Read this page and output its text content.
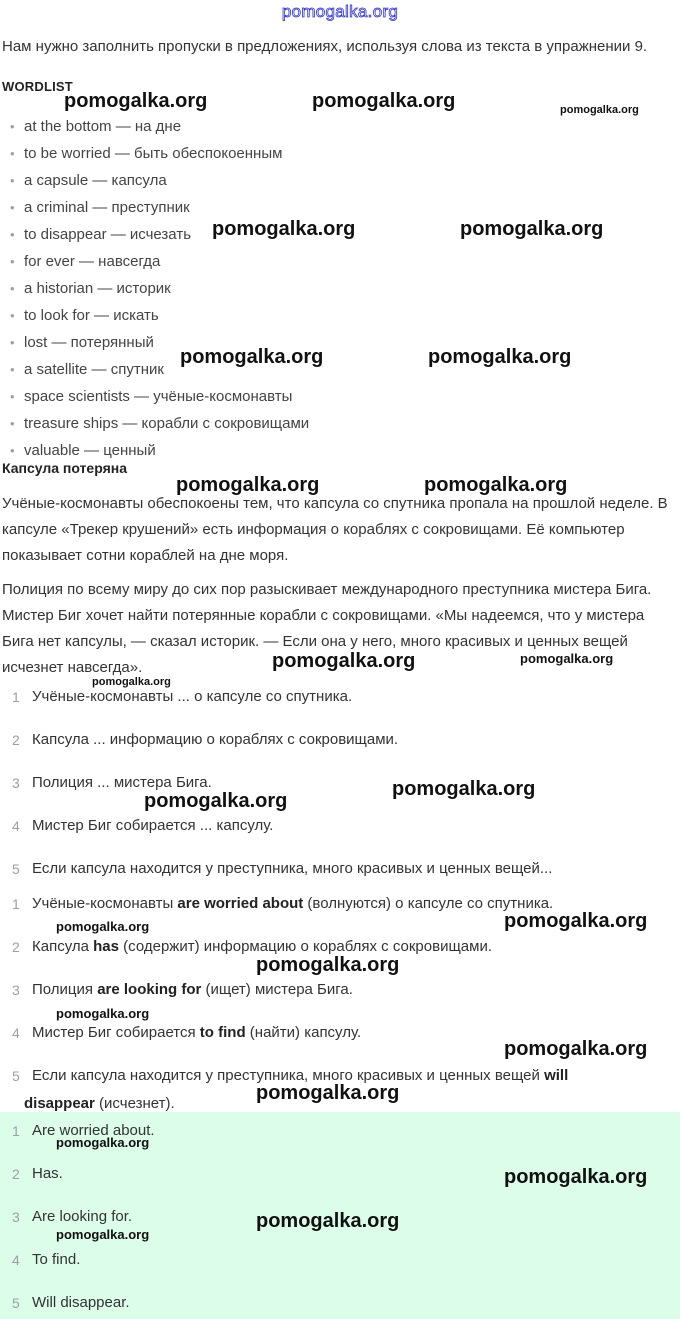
pomogalka.org
Нам нужно заполнить пропуски в предложениях, используя слова из текста в упражнении 9.
WORDLIST
• at the bottom — на дне
• to be worried — быть обеспокоенным
• a capsule — капсула
• a criminal — преступник
• to disappear — исчезать
• for ever — навсегда
• a historian — историк
• to look for — искать
• lost — потерянный
• a satellite — спутник
• space scientists — учёные-космонавты
• treasure ships — корабли с сокровищами
• valuable — ценный
Капсула потеряна

Учёные-космонавты обеспокоены тем, что капсула со спутника пропала на прошлой неделе. В капсуле «Трекер крушений» есть информация о кораблях с сокровищами. Её компьютер показывает сотни кораблей на дне моря.

Полиция по всему миру до сих пор разыскивает международного преступника мистера Бига. Мистер Биг хочет найти потерянные корабли с сокровищами. «Мы надеемся, что у мистера Бига нет капсулы, — сказал историк. — Если она у него, много красивых и ценных вещей исчезнет навсегда».

1 Учёные-космонавты ... о капсуле со спутника.
2 Капсула ... информацию о кораблях с сокровищами.
3 Полиция ... мистера Бига.
4 Мистер Биг собирается ... капсулу.
5 Если капсула находится у преступника, много красивых и ценных вещей...
1 Учёные-космонавты are worried about (волнуются) о капсуле со спутника.
2 Капсула has (содержит) информацию о кораблях с сокровищами.
3 Полиция are looking for (ищет) мистера Бига.
4 Мистер Биг собирается to find (найти) капсулу.
5 Если капсула находится у преступника, много красивых и ценных вещей will
disappear (исчезнет).
1 Are worried about.
2 Has.
3 Are looking for.
4 To find.
5 Will disappear.
pomogalka.org	pomogalka.org	pomogalka.org
pomogalka.org	pomogalka.org
pomogalka.org	pomogalka.org
pomogalka.org	pomogalka.org
pomogalka.org	pomogalka.org
pomogalka.org
pomogalka.org
pomogalka.org
pomogalka.org
pomogalka.org
pomogalka.org
pomogalka.org
pomogalka.org
pomogalka.org
pomogalka.org
pomogalka.org
pomogalka.org
pomogalka.org
